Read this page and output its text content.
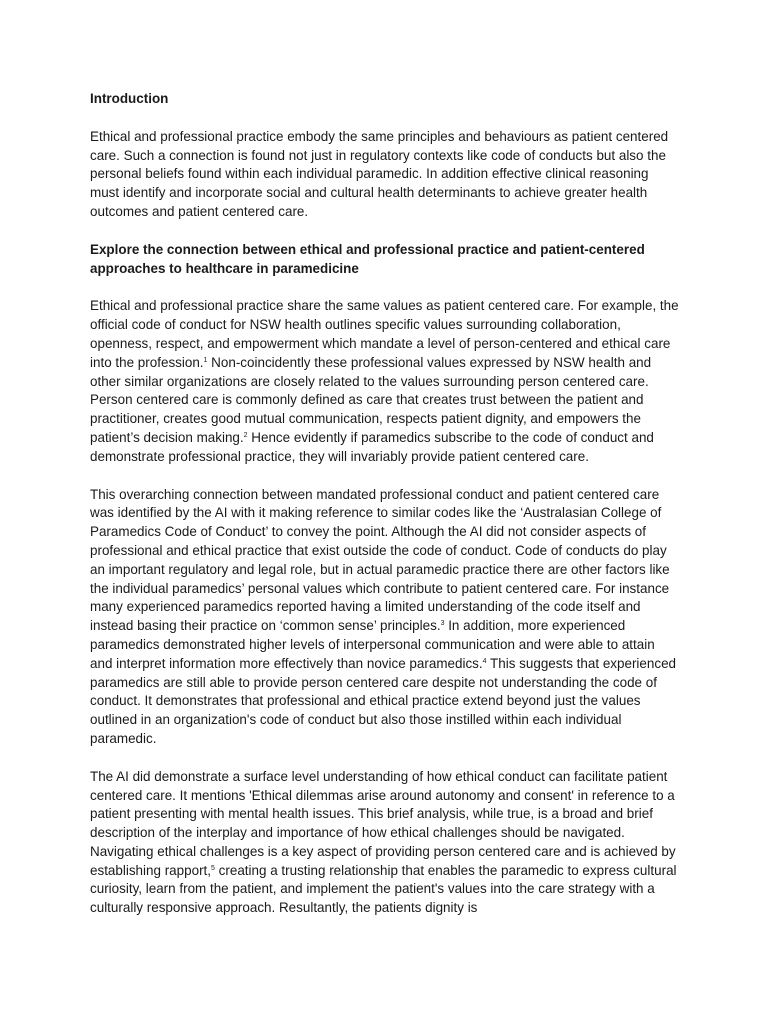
Introduction

Ethical and professional practice embody the same principles and behaviours as patient centered care. Such a connection is found not just in regulatory contexts like code of conducts but also the personal beliefs found within each individual paramedic. In addition effective clinical reasoning must identify and incorporate social and cultural health determinants to achieve greater health outcomes and patient centered care.

Explore the connection between ethical and professional practice and patient-centered approaches to healthcare in paramedicine

Ethical and professional practice share the same values as patient centered care. For example, the official code of conduct for NSW health outlines specific values surrounding collaboration, openness, respect, and empowerment which mandate a level of person-centered and ethical care into the profession.$^1$ Non-coincidently these professional values expressed by NSW health and other similar organizations are closely related to the values surrounding person centered care. Person centered care is commonly defined as care that creates trust between the patient and practitioner, creates good mutual communication, respects patient dignity, and empowers the patient’s decision making.$^2$ Hence evidently if paramedics subscribe to the code of conduct and demonstrate professional practice, they will invariably provide patient centered care.

This overarching connection between mandated professional conduct and patient centered care was identified by the AI with it making reference to similar codes like the ‘Australasian College of Paramedics Code of Conduct’ to convey the point. Although the AI did not consider aspects of professional and ethical practice that exist outside the code of conduct. Code of conducts do play an important regulatory and legal role, but in actual paramedic practice there are other factors like the individual paramedics’ personal values which contribute to patient centered care. For instance many experienced paramedics reported having a limited understanding of the code itself and instead basing their practice on ‘common sense’ principles.$^3$ In addition, more experienced paramedics demonstrated higher levels of interpersonal communication and were able to attain and interpret information more effectively than novice paramedics.$^4$ This suggests that experienced paramedics are still able to provide person centered care despite not understanding the code of conduct. It demonstrates that professional and ethical practice extend beyond just the values outlined in an organization's code of conduct but also those instilled within each individual paramedic.

The AI did demonstrate a surface level understanding of how ethical conduct can facilitate patient centered care. It mentions 'Ethical dilemmas arise around autonomy and consent' in reference to a patient presenting with mental health issues. This brief analysis, while true, is a broad and brief description of the interplay and importance of how ethical challenges should be navigated. Navigating ethical challenges is a key aspect of providing person centered care and is achieved by establishing rapport,$^5$ creating a trusting relationship that enables the paramedic to express cultural curiosity, learn from the patient, and implement the patient's values into the care strategy with a culturally responsive approach. Resultantly, the patients dignity is
